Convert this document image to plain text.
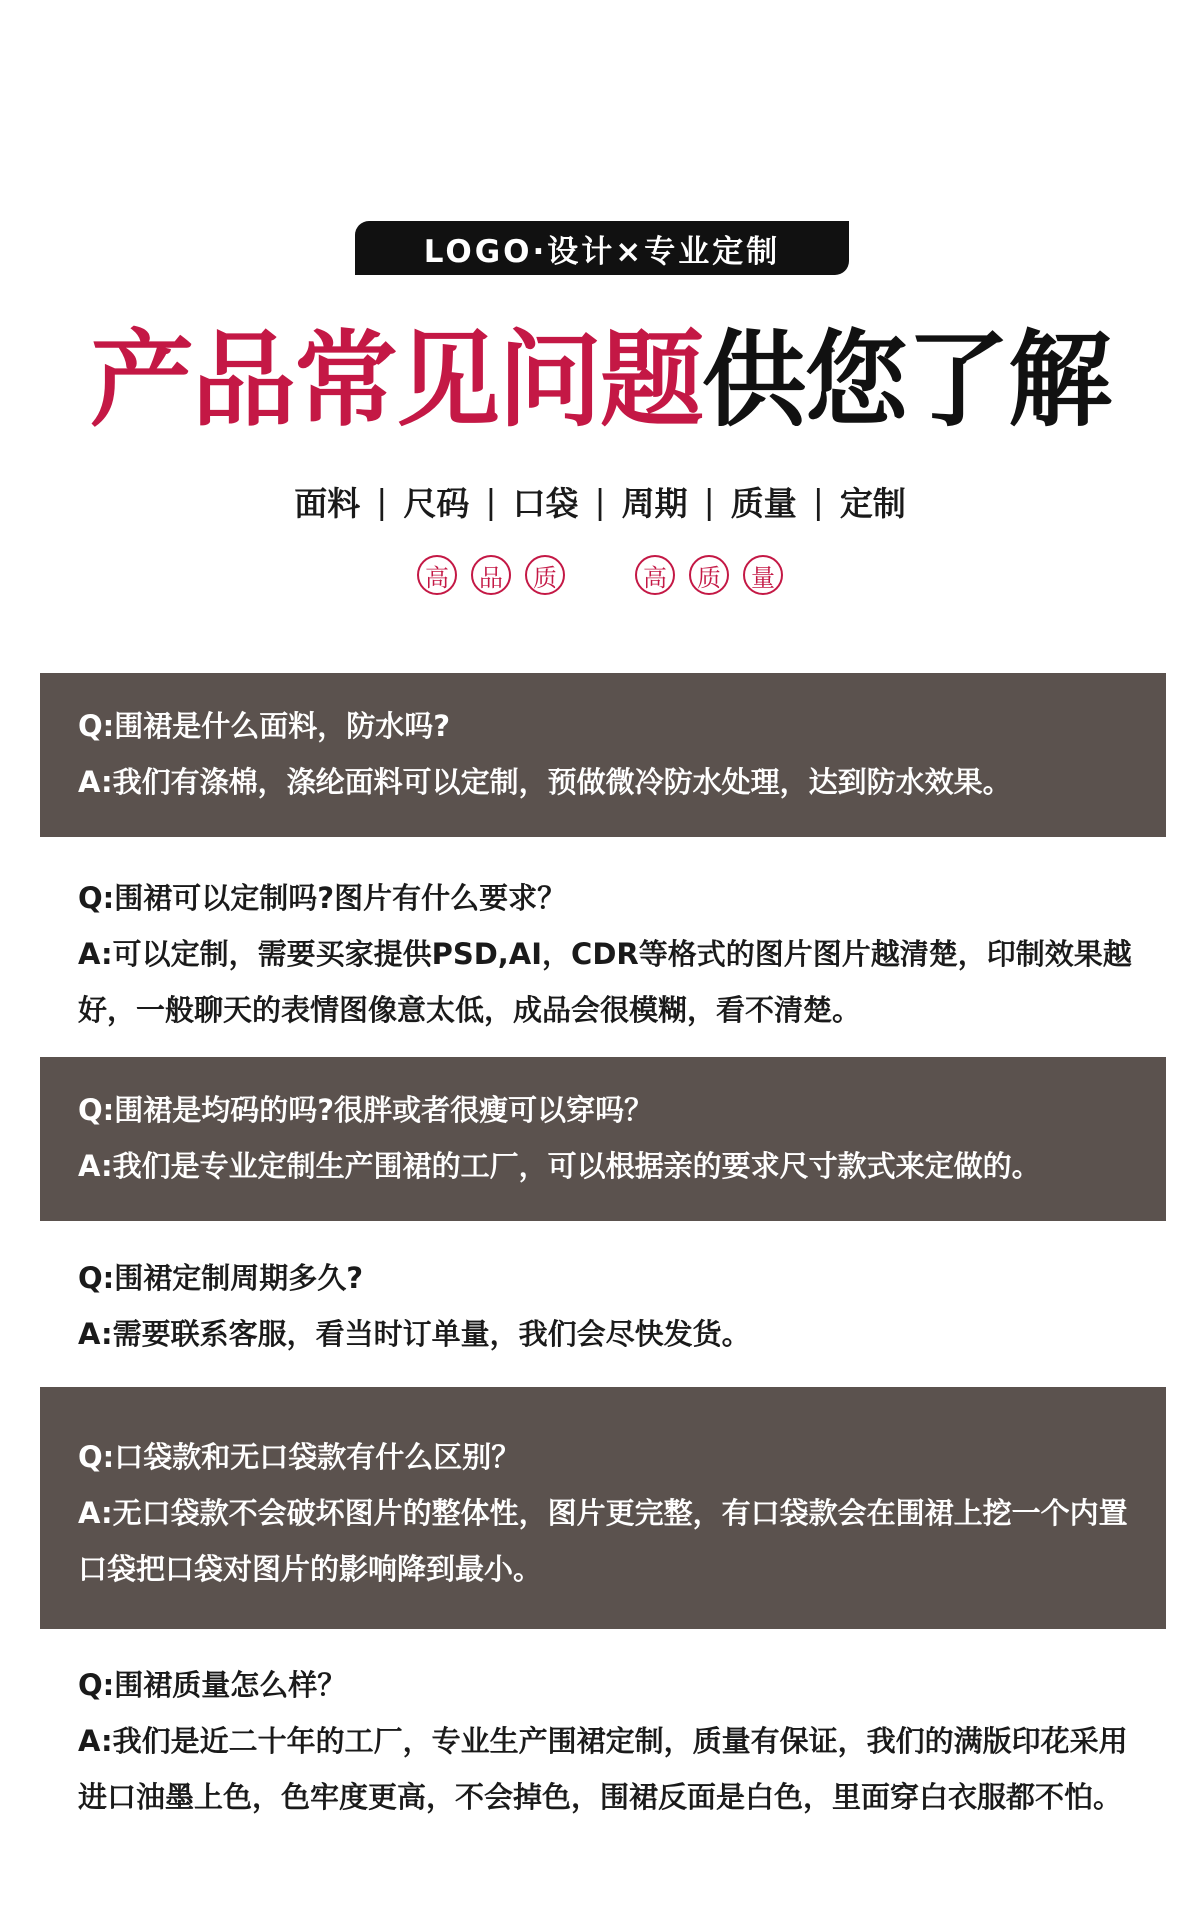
LOGO·设计×专业定制
产品常见问题供您了解
面料 | 尺码 | 口袋 | 周期 | 质量 | 定制
高	品	质	高	质	量

Q:围裙是什么面料，防水吗?

A:我们有涤棉，涤纶面料可以定制，预做微冷防水处理，达到防水效果。

Q:围裙可以定制吗?图片有什么要求？

A:可以定制，需要买家提供PSD,AI，CDR等格式的图片图片越清楚，印制效果越好，一般聊天的表情图像意太低，成品会很模糊，看不清楚。

Q:围裙是均码的吗?很胖或者很瘦可以穿吗？

A:我们是专业定制生产围裙的工厂，可以根据亲的要求尺寸款式来定做的。

Q:围裙定制周期多久?

A:需要联系客服，看当时订单量，我们会尽快发货。

Q:口袋款和无口袋款有什么区别？

A:无口袋款不会破坏图片的整体性，图片更完整，有口袋款会在围裙上挖一个内置口袋把口袋对图片的影响降到最小。

Q:围裙质量怎么样？

A:我们是近二十年的工厂，专业生产围裙定制，质量有保证，我们的满版印花采用进口油墨上色，色牢度更高，不会掉色，围裙反面是白色，里面穿白衣服都不怕。
